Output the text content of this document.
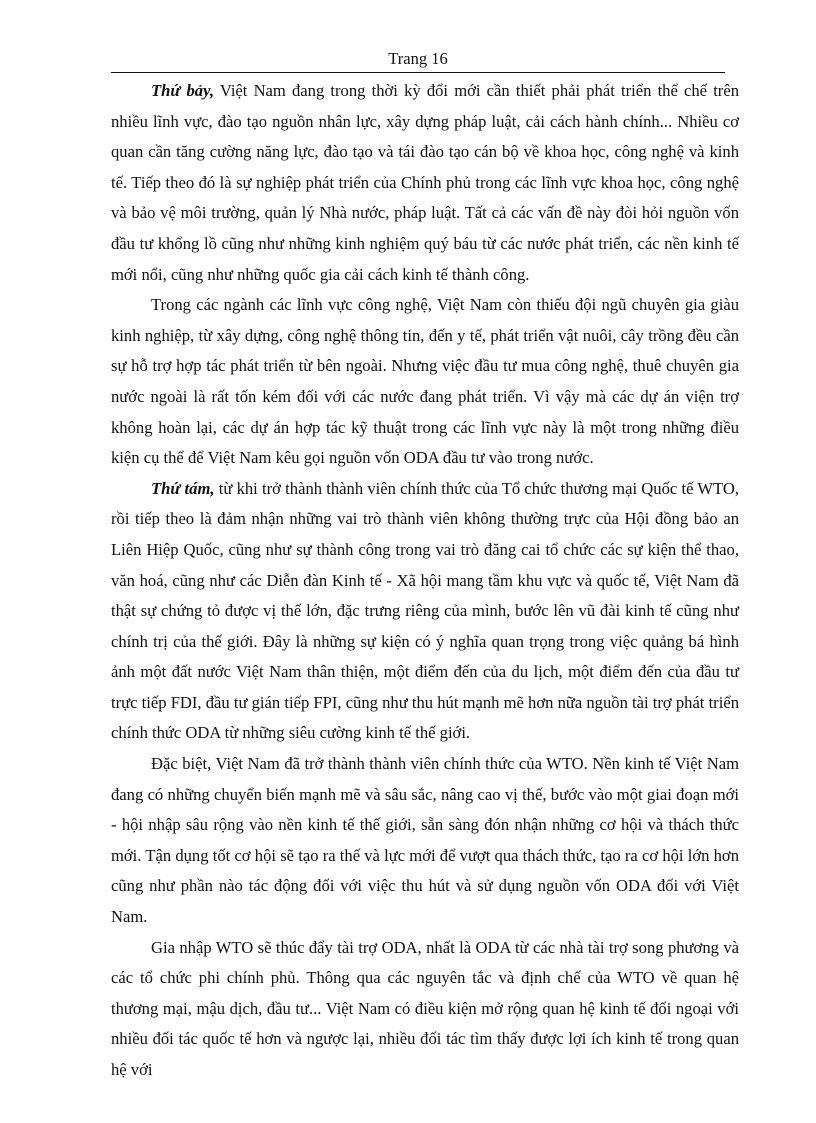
Trang 16

Thứ bảy, Việt Nam đang trong thời kỳ đổi mới cần thiết phải phát triển thể chế trên nhiều lĩnh vực, đào tạo nguồn nhân lực, xây dựng pháp luật, cải cách hành chính... Nhiều cơ quan cần tăng cường năng lực, đào tạo và tái đào tạo cán bộ về khoa học, công nghệ và kinh tế. Tiếp theo đó là sự nghiệp phát triển của Chính phủ trong các lĩnh vực khoa học, công nghệ và bảo vệ môi trường, quản lý Nhà nước, pháp luật. Tất cả các vấn đề này đòi hỏi nguồn vốn đầu tư khổng lồ cũng như những kinh nghiệm quý báu từ các nước phát triển, các nền kinh tế mới nổi, cũng như những quốc gia cải cách kinh tế thành công.

Trong các ngành các lĩnh vực công nghệ, Việt Nam còn thiếu đội ngũ chuyên gia giàu kinh nghiệp, từ xây dựng, công nghệ thông tin, đến y tế, phát triển vật nuôi, cây trồng đều cần sự hỗ trợ hợp tác phát triển từ bên ngoài. Nhưng việc đầu tư mua công nghệ, thuê chuyên gia nước ngoài là rất tốn kém đối với các nước đang phát triển. Vì vậy mà các dự án viện trợ không hoàn lại, các dự án hợp tác kỹ thuật trong các lĩnh vực này là một trong những điều kiện cụ thể để Việt Nam kêu gọi nguồn vốn ODA đầu tư vào trong nước.

Thứ tám, từ khi trở thành thành viên chính thức của Tổ chức thương mại Quốc tế WTO, rồi tiếp theo là đảm nhận những vai trò thành viên không thường trực của Hội đồng bảo an Liên Hiệp Quốc, cũng như sự thành công trong vai trò đăng cai tổ chức các sự kiện thể thao, văn hoá, cũng như các Diễn đàn Kinh tế - Xã hội mang tầm khu vực và quốc tế, Việt Nam đã thật sự chứng tỏ được vị thế lớn, đặc trưng riêng của mình, bước lên vũ đài kinh tế cũng như chính trị của thế giới. Đây là những sự kiện có ý nghĩa quan trọng trong việc quảng bá hình ảnh một đất nước Việt Nam thân thiện, một điểm đến của du lịch, một điểm đến của đầu tư trực tiếp FDI, đầu tư gián tiếp FPI, cũng như thu hút mạnh mẽ hơn nữa nguồn tài trợ phát triển chính thức ODA từ những siêu cường kinh tế thế giới.

Đặc biệt, Việt Nam đã trở thành thành viên chính thức của WTO. Nền kinh tế Việt Nam đang có những chuyển biến mạnh mẽ và sâu sắc, nâng cao vị thế, bước vào một giai đoạn mới - hội nhập sâu rộng vào nền kinh tế thế giới, sẵn sàng đón nhận những cơ hội và thách thức mới. Tận dụng tốt cơ hội sẽ tạo ra thế và lực mới để vượt qua thách thức, tạo ra cơ hội lớn hơn cũng như phần nào tác động đối với việc thu hút và sử dụng nguồn vốn ODA đối với Việt Nam.

Gia nhập WTO sẽ thúc đẩy tài trợ ODA, nhất là ODA từ các nhà tài trợ song phương và các tổ chức phi chính phủ. Thông qua các nguyên tắc và định chế của WTO về quan hệ thương mại, mậu dịch, đầu tư... Việt Nam có điều kiện mở rộng quan hệ kinh tế đối ngoại với nhiều đối tác quốc tế hơn và ngược lại, nhiều đối tác tìm thấy được lợi ích kinh tế trong quan hệ với
